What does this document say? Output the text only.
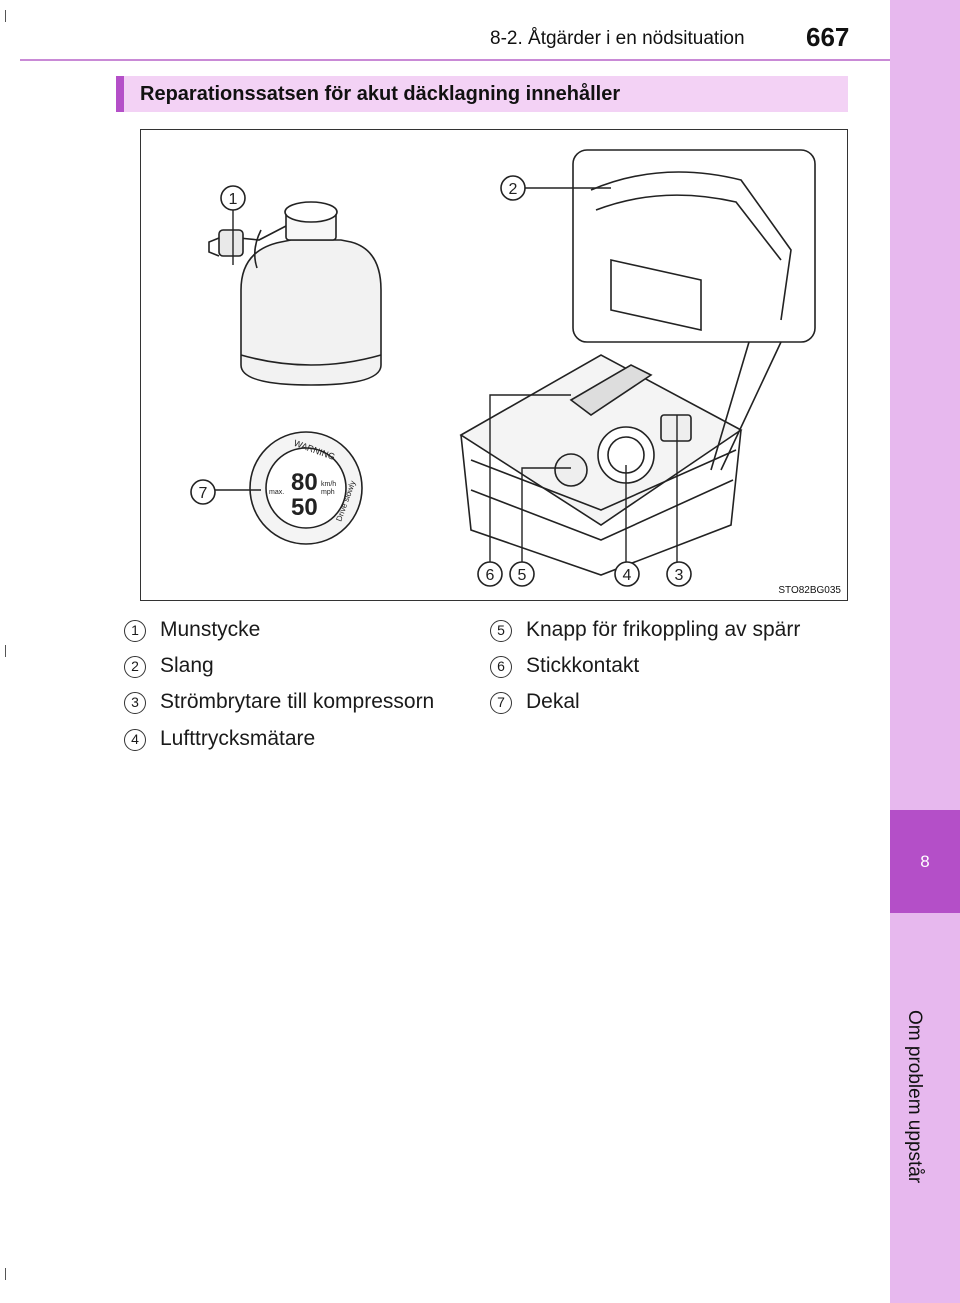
8-2. Åtgärder i en nödsituation 667
8
Om problem uppstår
Reparationssatsen för akut däcklagning innehåller
80
50
km/h
mph
max.
WARNING
Drive slowly
1
2
3
4
5
6
7
STO82BG035
1	Munstycke
2	Slang
3	Strömbrytare till kompressorn
4	Lufttrycksmätare
5	Knapp för frikoppling av spärr
6	Stickkontakt
7	Dekal
